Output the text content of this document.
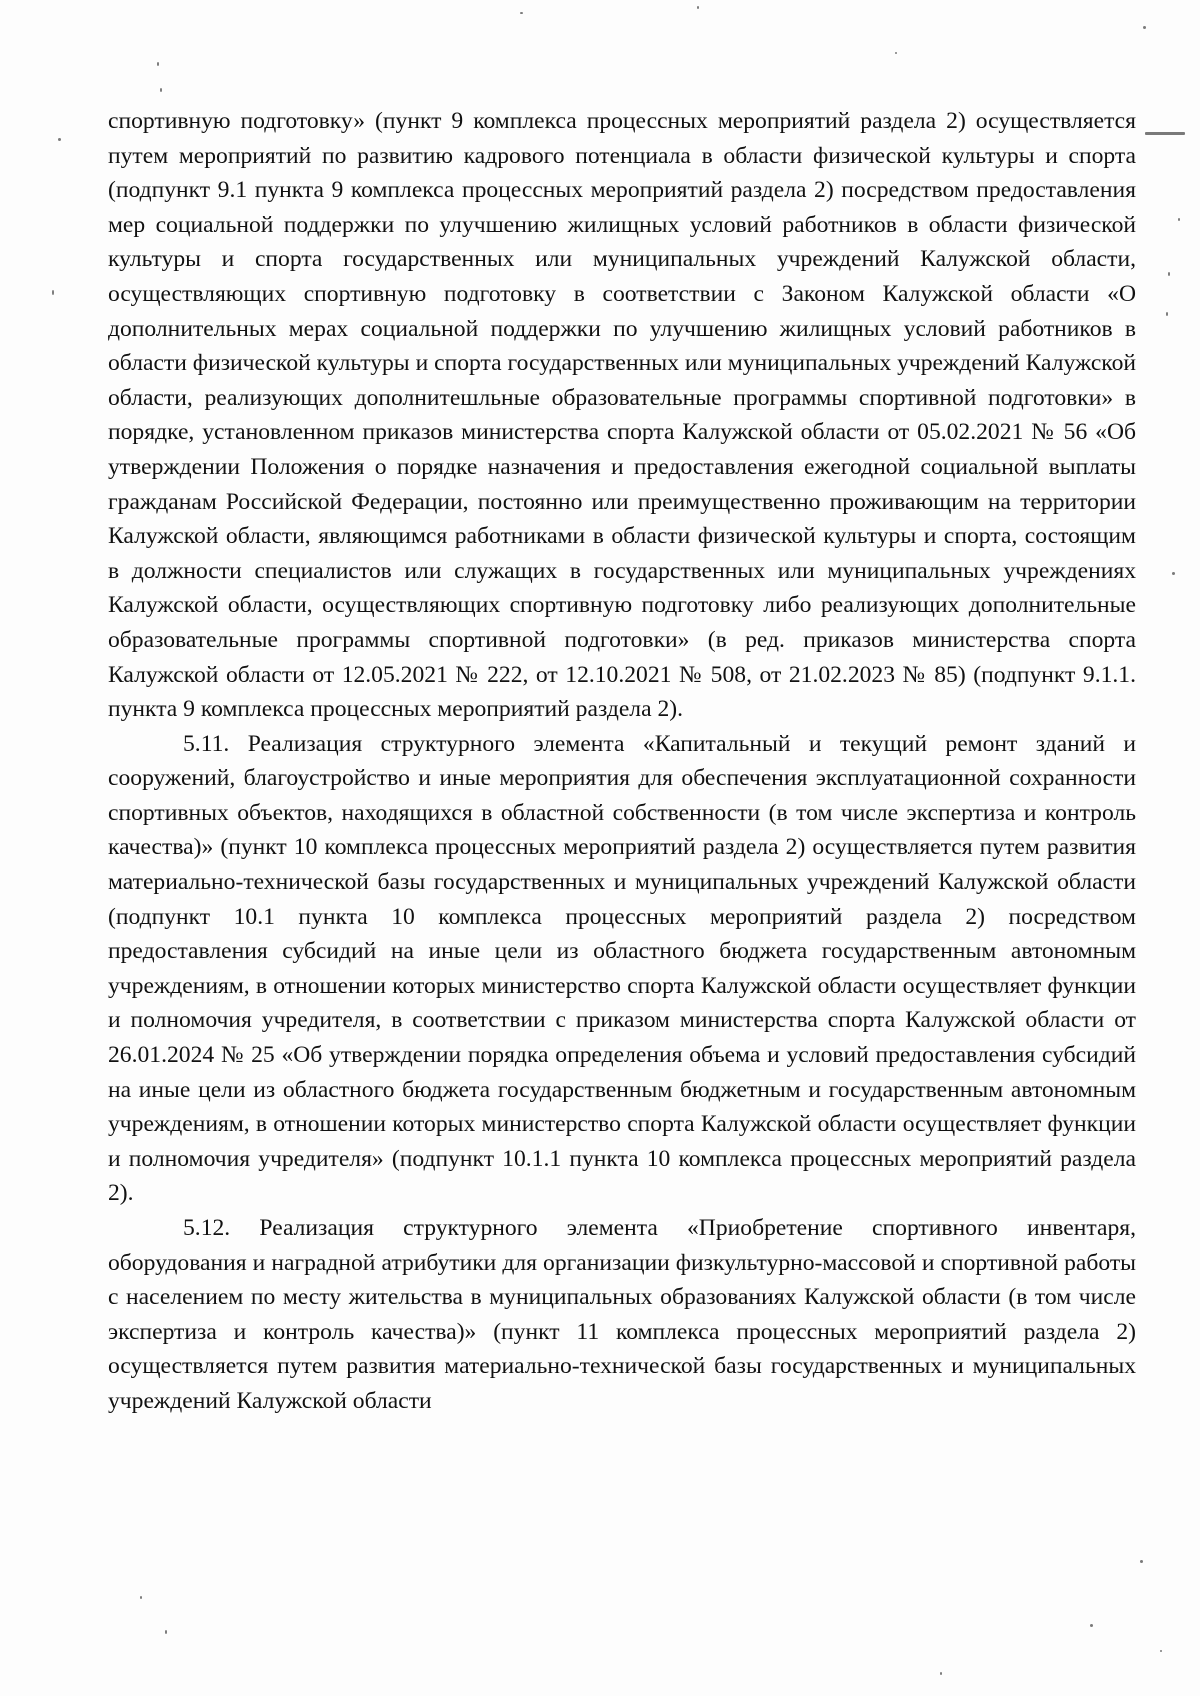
спортивную подготовку» (пункт 9 комплекса процессных мероприятий раздела 2) осуществляется путем мероприятий по развитию кадрового потенциала в области физической культуры и спорта (подпункт 9.1 пункта 9 комплекса процессных мероприятий раздела 2) посредством предоставления мер социальной поддержки по улучшению жилищных условий работников в области физической культуры и спорта государственных или муниципальных учреждений Калужской области, осуществляющих спортивную подготовку в соответствии с Законом Калужской области «О дополнительных мерах социальной поддержки по улучшению жилищных условий работников в области физической культуры и спорта государственных или муниципальных учреждений Калужской области, реализующих дополнитешльные образовательные программы спортивной подготовки» в порядке, установленном приказов министерства спорта Калужской области от 05.02.2021 № 56 «Об утверждении Положения о порядке назначения и предоставления ежегодной социальной выплаты гражданам Российской Федерации, постоянно или преимущественно проживающим на территории Калужской области, являющимся работниками в области физической культуры и спорта, состоящим в должности специалистов или служащих в государственных или муниципальных учреждениях Калужской области, осуществляющих спортивную подготовку либо реализующих дополнительные образовательные программы спортивной подготовки» (в ред. приказов министерства спорта Калужской области от 12.05.2021 № 222, от 12.10.2021 № 508, от 21.02.2023 № 85) (подпункт 9.1.1. пункта 9 комплекса процессных мероприятий раздела 2).

5.11. Реализация структурного элемента «Капитальный и текущий ремонт зданий и сооружений, благоустройство и иные мероприятия для обеспечения эксплуатационной сохранности спортивных объектов, находящихся в областной собственности (в том числе экспертиза и контроль качества)» (пункт 10 комплекса процессных мероприятий раздела 2) осуществляется путем развития материально-технической базы государственных и муниципальных учреждений Калужской области (подпункт 10.1 пункта 10 комплекса процессных мероприятий раздела 2) посредством предоставления субсидий на иные цели из областного бюджета государственным автономным учреждениям, в отношении которых министерство спорта Калужской области осуществляет функции и полномочия учредителя, в соответствии с приказом министерства спорта Калужской области от 26.01.2024 № 25 «Об утверждении порядка определения объема и условий предоставления субсидий на иные цели из областного бюджета государственным бюджетным и государственным автономным учреждениям, в отношении которых министерство спорта Калужской области осуществляет функции и полномочия учредителя» (подпункт 10.1.1 пункта 10 комплекса процессных мероприятий раздела 2).

5.12. Реализация структурного элемента «Приобретение спортивного инвентаря, оборудования и наградной атрибутики для организации физкультурно-массовой и спортивной работы с населением по месту жительства в муниципальных образованиях Калужской области (в том числе экспертиза и контроль качества)» (пункт 11 комплекса процессных мероприятий раздела 2) осуществляется путем развития материально-технической базы государственных и муниципальных учреждений Калужской области
